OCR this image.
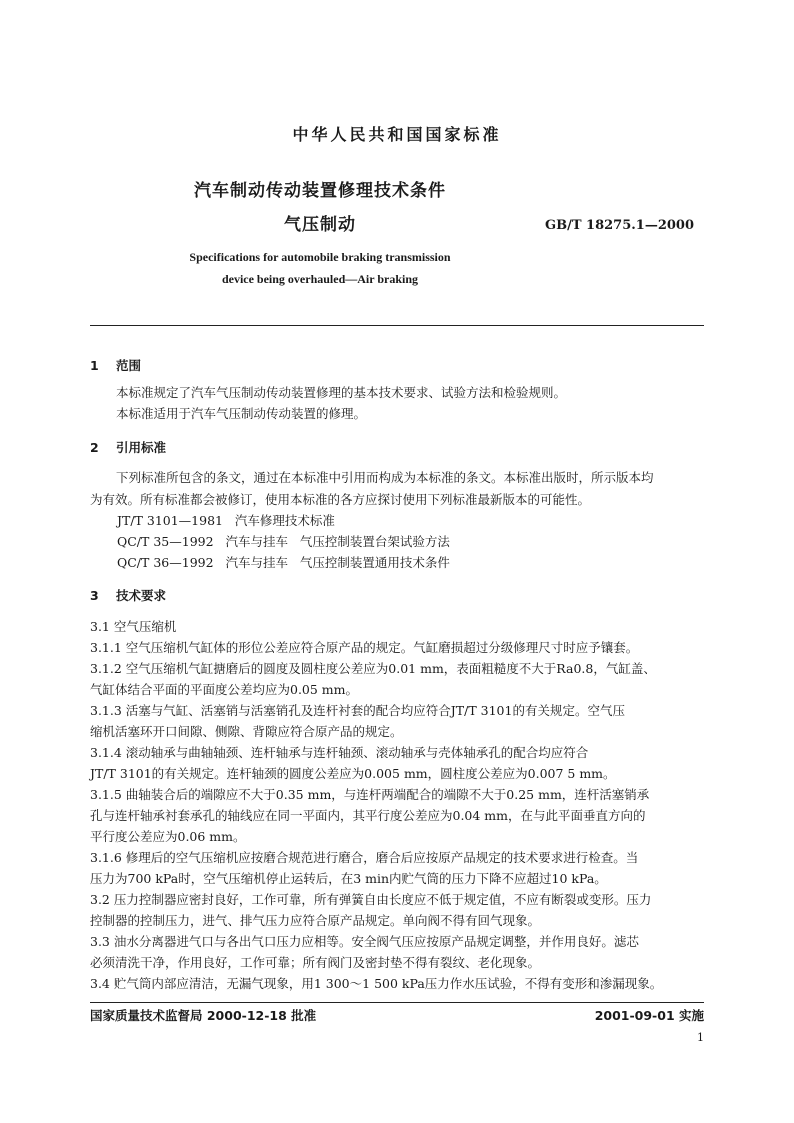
中华人民共和国国家标准
汽车制动传动装置修理技术条件
气压制动	GB/T 18275.1—2000
Specifications for automobile braking transmission
device being overhauled—Air braking
1 范围
本标准规定了汽车气压制动传动装置修理的基本技术要求、试验方法和检验规则。
本标准适用于汽车气压制动传动装置的修理。
2 引用标准
下列标准所包含的条文，通过在本标准中引用而构成为本标准的条文。本标准出版时，所示版本均
为有效。所有标准都会被修订，使用本标准的各方应探讨使用下列标准最新版本的可能性。
JT/T 3101—1981   汽车修理技术标准
QC/T 35—1992   汽车与挂车   气压控制装置台架试验方法
QC/T 36—1992   汽车与挂车   气压控制装置通用技术条件
3 技术要求
3.1 空气压缩机
3.1.1 空气压缩机气缸体的形位公差应符合原产品的规定。气缸磨损超过分级修理尺寸时应予镶套。
3.1.2 空气压缩机气缸搪磨后的圆度及圆柱度公差应为0.01 mm，表面粗糙度不大于Ra0.8，气缸盖、
气缸体结合平面的平面度公差均应为0.05 mm。
3.1.3 活塞与气缸、活塞销与活塞销孔及连杆衬套的配合均应符合JT/T 3101的有关规定。空气压
缩机活塞环开口间隙、侧隙、背隙应符合原产品的规定。
3.1.4 滚动轴承与曲轴轴颈、连杆轴承与连杆轴颈、滚动轴承与壳体轴承孔的配合均应符合
JT/T 3101的有关规定。连杆轴颈的圆度公差应为0.005 mm，圆柱度公差应为0.007 5 mm。
3.1.5 曲轴装合后的端隙应不大于0.35 mm，与连杆两端配合的端隙不大于0.25 mm，连杆活塞销承
孔与连杆轴承衬套承孔的轴线应在同一平面内，其平行度公差应为0.04 mm，在与此平面垂直方向的
平行度公差应为0.06 mm。
3.1.6 修理后的空气压缩机应按磨合规范进行磨合，磨合后应按原产品规定的技术要求进行检查。当
压力为700 kPa时，空气压缩机停止运转后，在3 min内贮气筒的压力下降不应超过10 kPa。
3.2 压力控制器应密封良好，工作可靠，所有弹簧自由长度应不低于规定值，不应有断裂或变形。压力
控制器的控制压力，进气、排气压力应符合原产品规定。单向阀不得有回气现象。
3.3 油水分离器进气口与各出气口压力应相等。安全阀气压应按原产品规定调整，并作用良好。滤芯
必须清洗干净，作用良好，工作可靠；所有阀门及密封垫不得有裂纹、老化现象。
3.4 贮气筒内部应清洁，无漏气现象，用1 300～1 500 kPa压力作水压试验，不得有变形和渗漏现象。
国家质量技术监督局 2000-12-18 批准	2001-09-01 实施
1
